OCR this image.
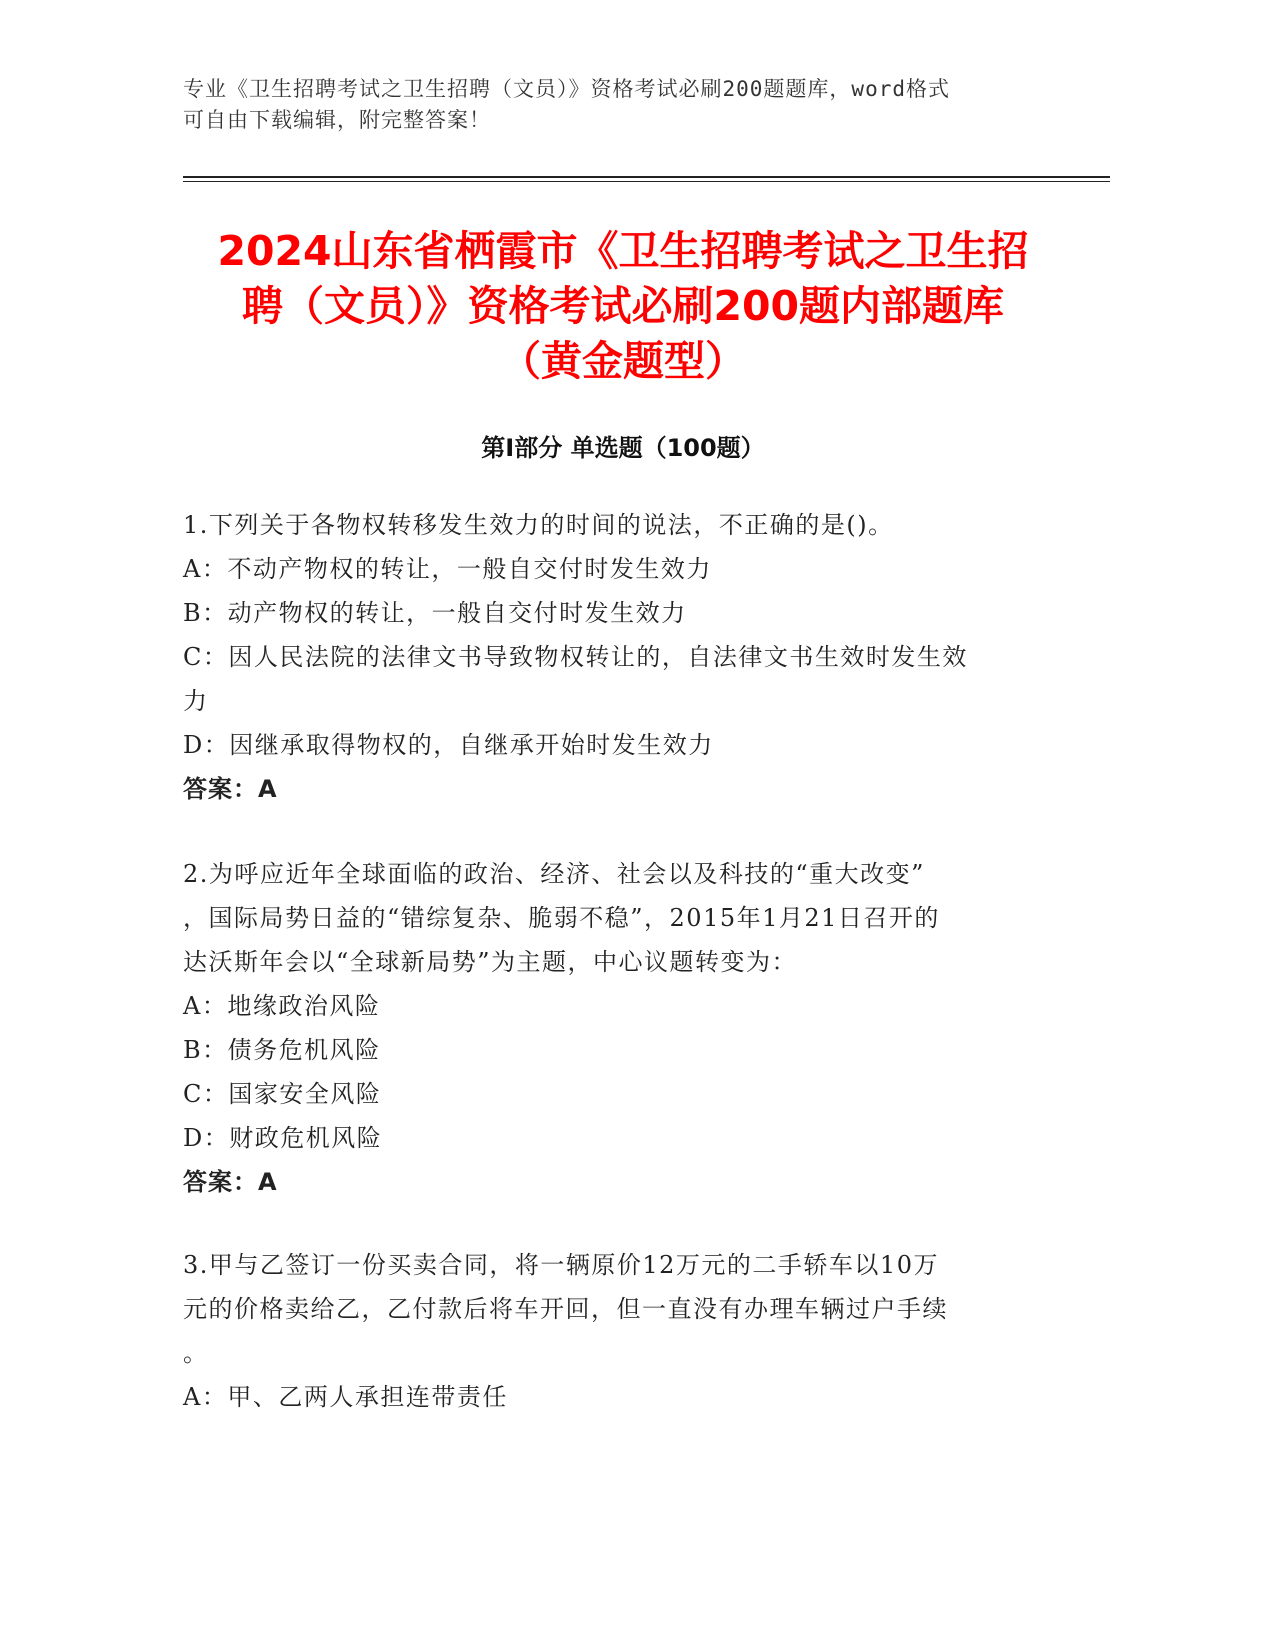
专业《卫生招聘考试之卫生招聘（文员）》资格考试必刷200题题库，word格式
可自由下载编辑，附完整答案！
2024山东省栖霞市《卫生招聘考试之卫生招
聘（文员）》资格考试必刷200题内部题库
（黄金题型）
第Ⅰ部分 单选题（100题）

1.下列关于各物权转移发生效力的时间的说法，不正确的是()。

A：不动产物权的转让，一般自交付时发生效力

B：动产物权的转让，一般自交付时发生效力

C：因人民法院的法律文书导致物权转让的，自法律文书生效时发生效

力

D：因继承取得物权的，自继承开始时发生效力

答案：A

2.为呼应近年全球面临的政治、经济、社会以及科技的“重大改变”

，国际局势日益的“错综复杂、脆弱不稳”，2015年1月21日召开的

达沃斯年会以“全球新局势”为主题，中心议题转变为：

A：地缘政治风险

B：债务危机风险

C：国家安全风险

D：财政危机风险

答案：A

3.甲与乙签订一份买卖合同，将一辆原价12万元的二手轿车以10万

元的价格卖给乙，乙付款后将车开回，但一直没有办理车辆过户手续

。

A：甲、乙两人承担连带责任
